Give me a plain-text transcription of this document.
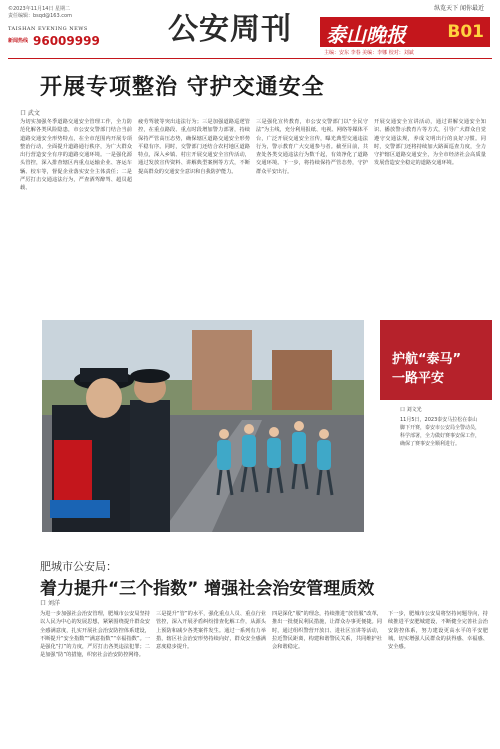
©2023年11月14日 星期二
责任编辑：bsqd@163.com
TAISHAN EVENING NEWS
新闻热线 96009999 公安周刊
纵览天下 闻你最近
泰山晚报 B01
主编：安东 李春 美编：李娜 校对：刘斌
开展专项整治 守护交通安全
口 武文
为切实加强冬季道路交通安全管理工作，全力防范化解各类风险隐患，市公安交警部门结合当前道路交通安全形势特点，在全市范围内开展专项整治行动，全面提升道路通行秩序，为广大群众出行营造安全有序的道路交通环境。一是强化源头管控，深入排查辖区内重点运输企业、客运车辆、校车等，督促企业落实安全主体责任；二是严厉打击交通违法行为，严查酒驾醉驾、超员超载、
疲劳驾驶等突出违法行为；三是加强道路巡逻管控，在重点路段、重点时段增加警力部署，持续保持严管高压态势，确保辖区道路交通安全形势平稳有序。同时，交警部门还结合农村地区道路特点，深入乡镇、村庄开展交通安全宣传活动，通过发放宣传资料、讲解典型案例等方式，不断提高群众的交通安全意识和自我防护能力。
三是强化宣传教育，市公安交警部门以“全民守法”为主线，充分利用报纸、电视、网络等媒体平台，广泛开展交通安全宣传，曝光典型交通违法行为，警示教育广大交通参与者。截至目前，共查处各类交通违法行为数千起，有效净化了道路交通环境。下一步，将持续保持严管态势，守护群众平安出行。
开展交通安全宣讲活动，通过讲解交通安全知识、播放警示教育片等方式，引导广大群众自觉遵守交通法规，养成文明出行的良好习惯。同时，交警部门还将持续加大路面巡查力度，全力守护辖区道路交通安全，为全市经济社会高质量发展营造安全稳定的道路交通环境。
护航“泰马”
一路平安
口 刘文光
11月5日，2023泰安马拉松在泰山脚下开赛，泰安市公安局全警动员，科学部署，全力做好赛事安保工作，确保了赛事安全顺利进行。
肥城市公安局：
着力提升“三个指数” 增强社会治安管理质效
口 刘洋
为进一步加强社会治安管理，肥城市公安局坚持以人民为中心的发展思想，紧紧围绕提升群众安全感满意度，扎实开展社会治安防控体系建设，不断提升“安全指数”“满意指数”“幸福指数”。一是强化“打”的力度，严厉打击各类违法犯罪；二是加强“防”的措施，织密社会治安防控网络。
三是提升“管”的水平，强化重点人员、重点行业管控，深入开展矛盾纠纷排查化解工作，从源头上预防和减少各类案件发生。通过一系列有力举措，辖区社会治安形势持续向好，群众安全感满意度稳步提升。
四是深化“服”的理念，持续推进“放管服”改革，推出一批便民利民措施，让群众办事更便捷。同时，通过组织警营开放日、进社区宣讲等活动，拉近警民距离，构建和谐警民关系，共同维护社会和谐稳定。
下一步，肥城市公安局将坚持问题导向，持续推进平安肥城建设，不断健全完善社会治安防控体系，努力建设更高水平的平安肥城，切实增强人民群众的获得感、幸福感、安全感。
